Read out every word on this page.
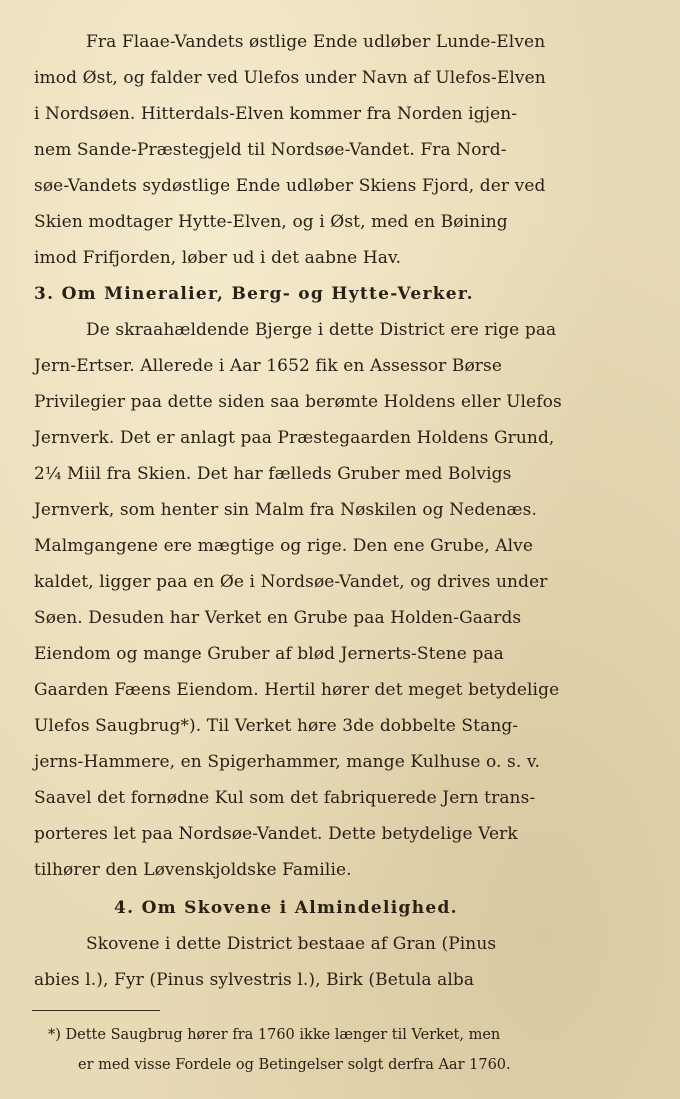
Fra Flaae-Vandets østlige Ende udløber Lunde-Elven
imod Øst, og falder ved Ulefos under Navn af Ulefos-Elven
i Nordsøen. Hitterdals-Elven kommer fra Norden igjen-
nem Sande-Præstegjeld til Nordsøe-Vandet. Fra Nord-
søe-Vandets sydøstlige Ende udløber Skiens Fjord, der ved
Skien modtager Hytte-Elven, og i Øst, med en Bøining
imod Frifjorden, løber ud i det aabne Hav.
3. Om Mineralier, Berg- og Hytte-Verker.
De skraahældende Bjerge i dette District ere rige paa
Jern-Ertser. Allerede i Aar 1652 fik en Assessor Børse
Privilegier paa dette siden saa berømte Holdens eller Ulefos
Jernverk. Det er anlagt paa Præstegaarden Holdens Grund,
2¼ Miil fra Skien. Det har fælleds Gruber med Bolvigs
Jernverk, som henter sin Malm fra Nøskilen og Nedenæs.
Malmgangene ere mægtige og rige. Den ene Grube, Alve
kaldet, ligger paa en Øe i Nordsøe-Vandet, og drives under
Søen. Desuden har Verket en Grube paa Holden-Gaards
Eiendom og mange Gruber af blød Jernerts-Stene paa
Gaarden Fæens Eiendom. Hertil hører det meget betydelige
Ulefos Saugbrug*). Til Verket høre 3de dobbelte Stang-
jerns-Hammere, en Spigerhammer, mange Kulhuse o. s. v.
Saavel det fornødne Kul som det fabriquerede Jern trans-
porteres let paa Nordsøe-Vandet. Dette betydelige Verk
tilhører den Løvenskjoldske Familie.
4. Om Skovene i Almindelighed.
Skovene i dette District bestaae af Gran (Pinus
abies l.), Fyr (Pinus sylvestris l.), Birk (Betula alba
*) Dette Saugbrug hører fra 1760 ikke længer til Verket, men
er med visse Fordele og Betingelser solgt derfra Aar 1760.
